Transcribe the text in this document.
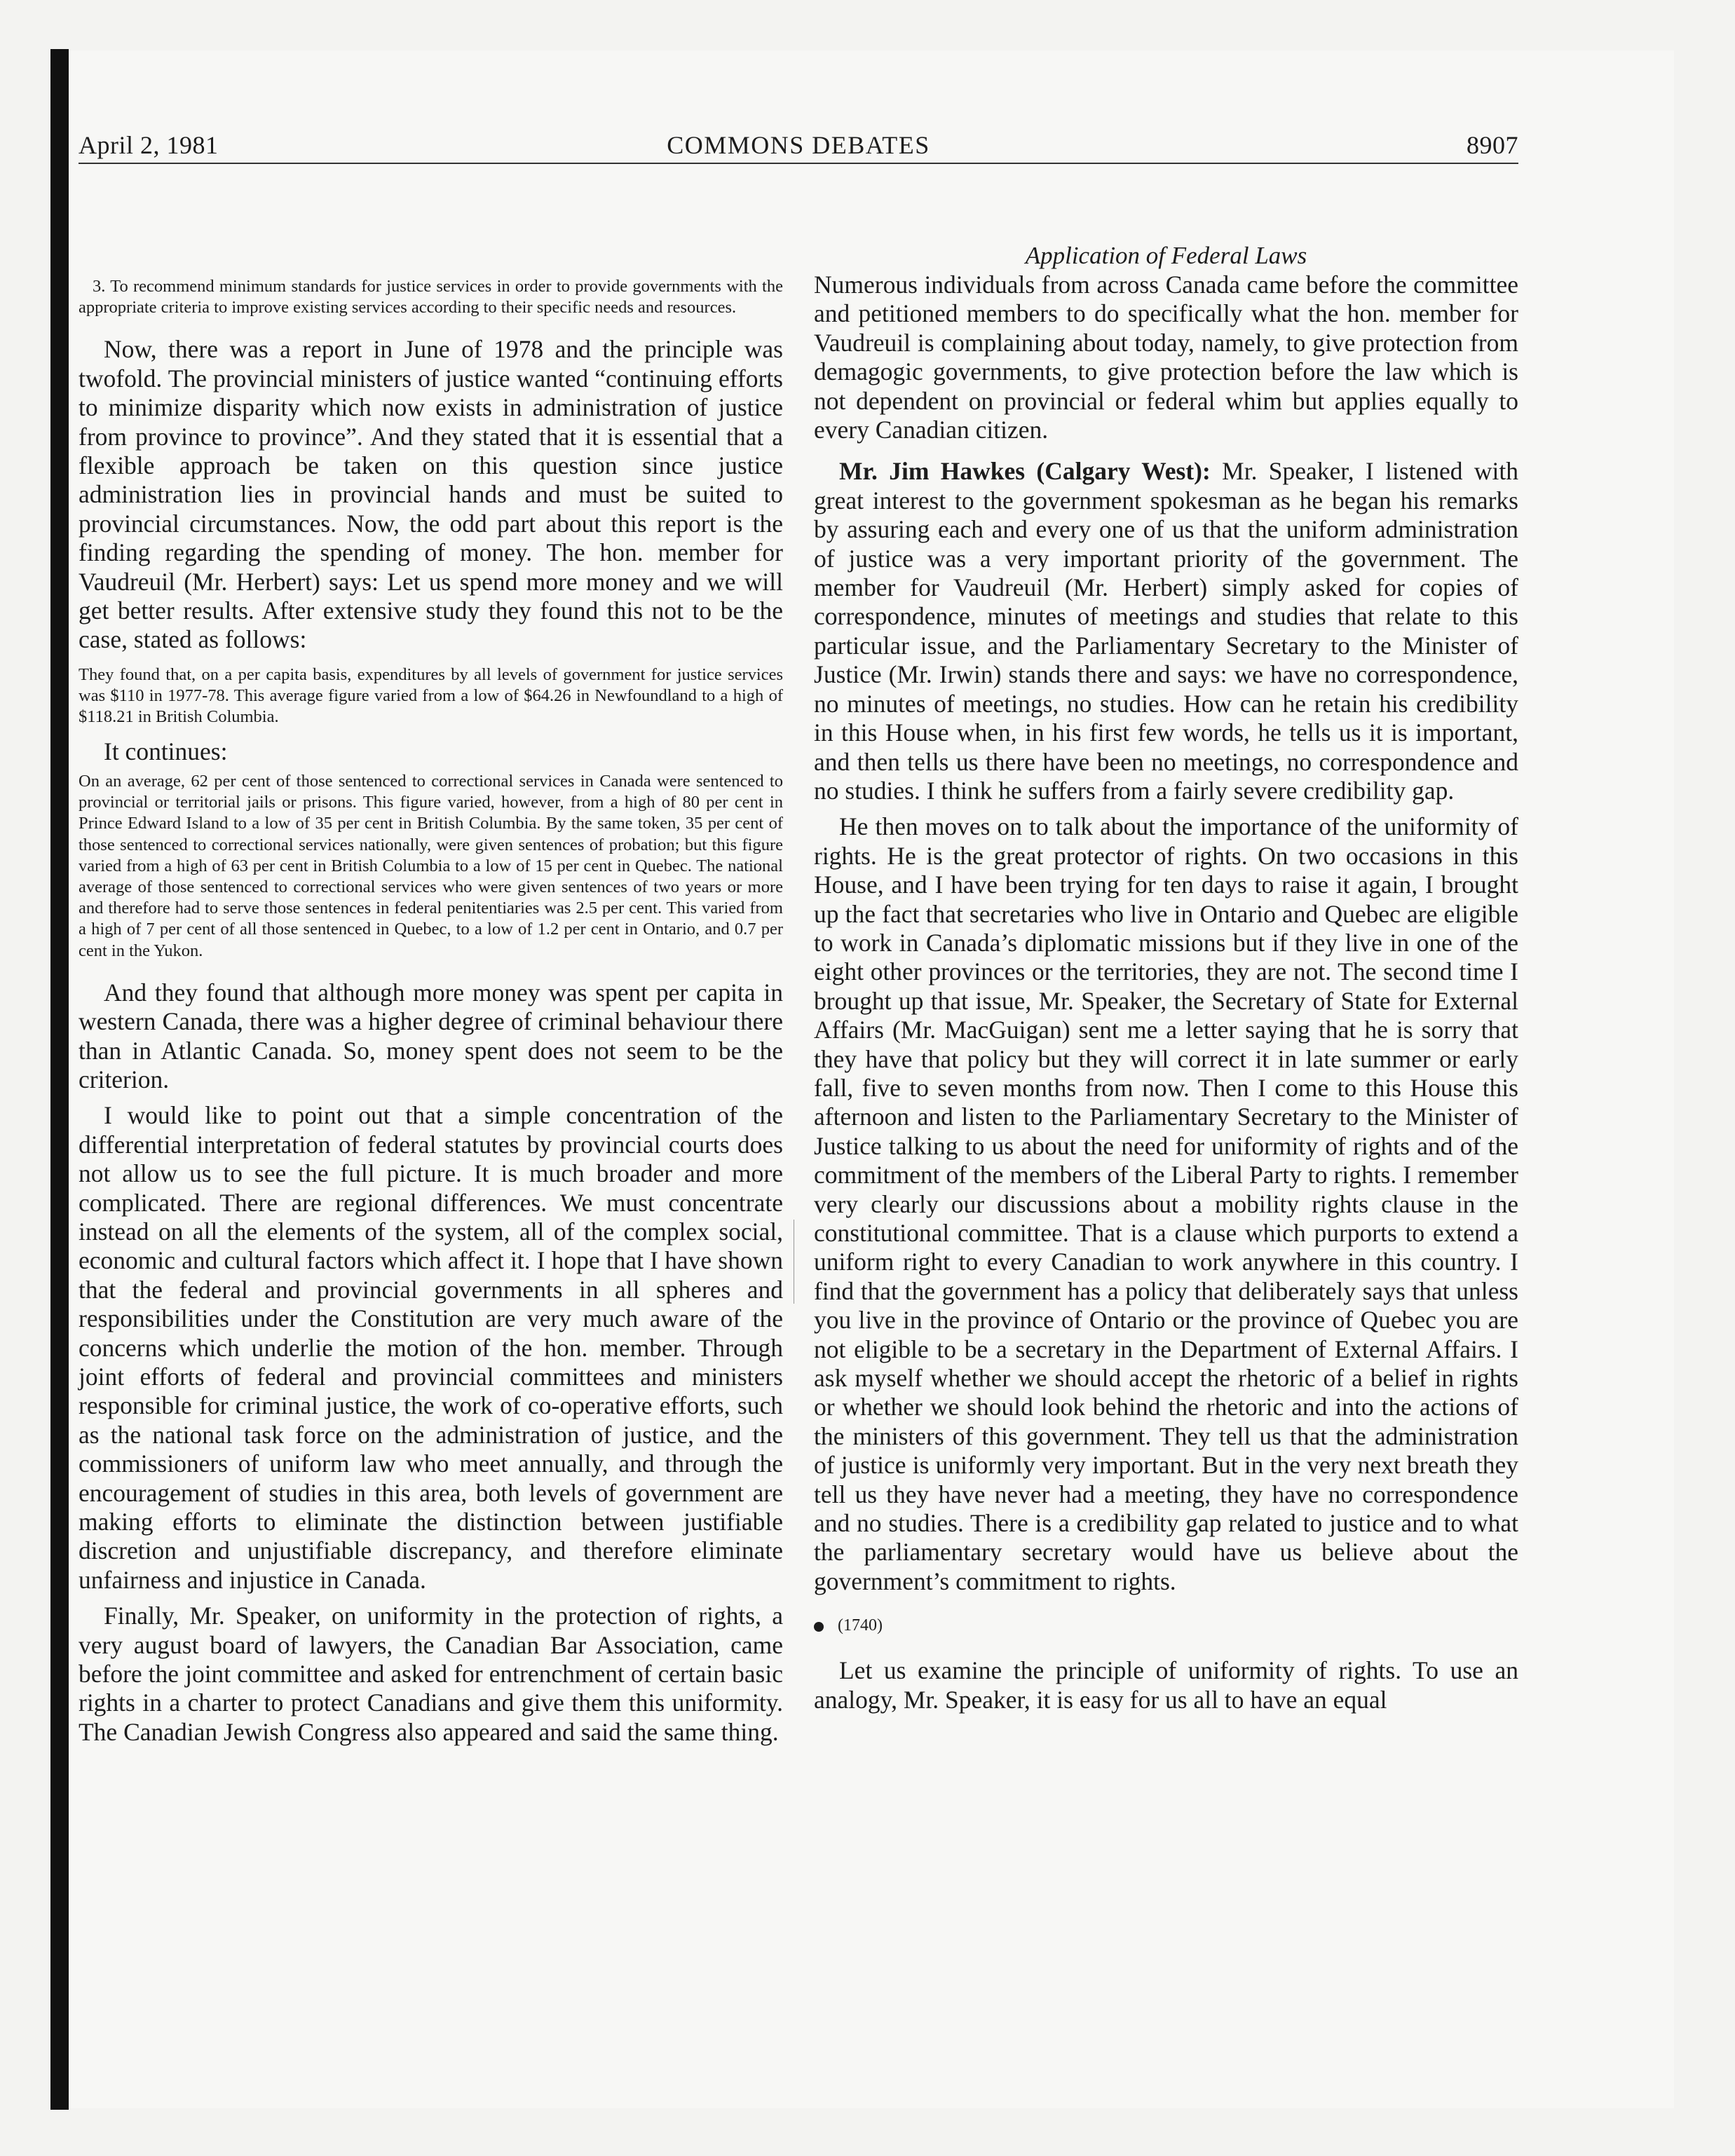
April 2, 1981	COMMONS DEBATES	8907

3. To recommend minimum standards for justice services in order to provide governments with the appropriate criteria to improve existing services according to their specific needs and resources.

Now, there was a report in June of 1978 and the principle was twofold. The provincial ministers of justice wanted “continuing efforts to minimize disparity which now exists in administration of justice from province to province”. And they stated that it is essential that a flexible approach be taken on this question since justice administration lies in provincial hands and must be suited to provincial circumstances. Now, the odd part about this report is the finding regarding the spending of money. The hon. member for Vaudreuil (Mr. Herbert) says: Let us spend more money and we will get better results. After extensive study they found this not to be the case, stated as follows:

They found that, on a per capita basis, expenditures by all levels of government for justice services was $110 in 1977-78. This average figure varied from a low of $64.26 in Newfoundland to a high of $118.21 in British Columbia.

It continues:

On an average, 62 per cent of those sentenced to correctional services in Canada were sentenced to provincial or territorial jails or prisons. This figure varied, however, from a high of 80 per cent in Prince Edward Island to a low of 35 per cent in British Columbia. By the same token, 35 per cent of those sentenced to correctional services nationally, were given sentences of probation; but this figure varied from a high of 63 per cent in British Columbia to a low of 15 per cent in Quebec. The national average of those sentenced to correctional services who were given sentences of two years or more and therefore had to serve those sentences in federal penitentiaries was 2.5 per cent. This varied from a high of 7 per cent of all those sentenced in Quebec, to a low of 1.2 per cent in Ontario, and 0.7 per cent in the Yukon.

And they found that although more money was spent per capita in western Canada, there was a higher degree of criminal behaviour there than in Atlantic Canada. So, money spent does not seem to be the criterion.

I would like to point out that a simple concentration of the differential interpretation of federal statutes by provincial courts does not allow us to see the full picture. It is much broader and more complicated. There are regional differences. We must concentrate instead on all the elements of the system, all of the complex social, economic and cultural factors which affect it. I hope that I have shown that the federal and provincial governments in all spheres and responsibilities under the Constitution are very much aware of the concerns which underlie the motion of the hon. member. Through joint efforts of federal and provincial committees and ministers responsible for criminal justice, the work of co-operative efforts, such as the national task force on the administration of justice, and the commissioners of uniform law who meet annually, and through the encouragement of studies in this area, both levels of government are making efforts to eliminate the distinction between justifiable discretion and unjustifiable discrepancy, and therefore eliminate unfairness and injustice in Canada.

Finally, Mr. Speaker, on uniformity in the protection of rights, a very august board of lawyers, the Canadian Bar Association, came before the joint committee and asked for entrenchment of certain basic rights in a charter to protect Canadians and give them this uniformity. The Canadian Jewish Congress also appeared and said the same thing.

Application of Federal Laws

Numerous individuals from across Canada came before the committee and petitioned members to do specifically what the hon. member for Vaudreuil is complaining about today, namely, to give protection from demagogic governments, to give protection before the law which is not dependent on provincial or federal whim but applies equally to every Canadian citizen.

Mr. Jim Hawkes (Calgary West): Mr. Speaker, I listened with great interest to the government spokesman as he began his remarks by assuring each and every one of us that the uniform administration of justice was a very important priority of the government. The member for Vaudreuil (Mr. Herbert) simply asked for copies of correspondence, minutes of meetings and studies that relate to this particular issue, and the Parliamentary Secretary to the Minister of Justice (Mr. Irwin) stands there and says: we have no correspondence, no minutes of meetings, no studies. How can he retain his credibility in this House when, in his first few words, he tells us it is important, and then tells us there have been no meetings, no correspondence and no studies. I think he suffers from a fairly severe credibility gap.

He then moves on to talk about the importance of the uniformity of rights. He is the great protector of rights. On two occasions in this House, and I have been trying for ten days to raise it again, I brought up the fact that secretaries who live in Ontario and Quebec are eligible to work in Canada’s diplomatic missions but if they live in one of the eight other provinces or the territories, they are not. The second time I brought up that issue, Mr. Speaker, the Secretary of State for External Affairs (Mr. MacGuigan) sent me a letter saying that he is sorry that they have that policy but they will correct it in late summer or early fall, five to seven months from now. Then I come to this House this afternoon and listen to the Parliamentary Secretary to the Minister of Justice talking to us about the need for uniformity of rights and of the commitment of the members of the Liberal Party to rights. I remember very clearly our discussions about a mobility rights clause in the constitutional committee. That is a clause which purports to extend a uniform right to every Canadian to work anywhere in this country. I find that the government has a policy that deliberately says that unless you live in the province of Ontario or the province of Quebec you are not eligible to be a secretary in the Department of External Affairs. I ask myself whether we should accept the rhetoric of a belief in rights or whether we should look behind the rhetoric and into the actions of the ministers of this government. They tell us that the administration of justice is uniformly very important. But in the very next breath they tell us they have never had a meeting, they have no correspondence and no studies. There is a credibility gap related to justice and to what the parliamentary secretary would have us believe about the government’s commitment to rights.

(1740)

Let us examine the principle of uniformity of rights. To use an analogy, Mr. Speaker, it is easy for us all to have an equal
